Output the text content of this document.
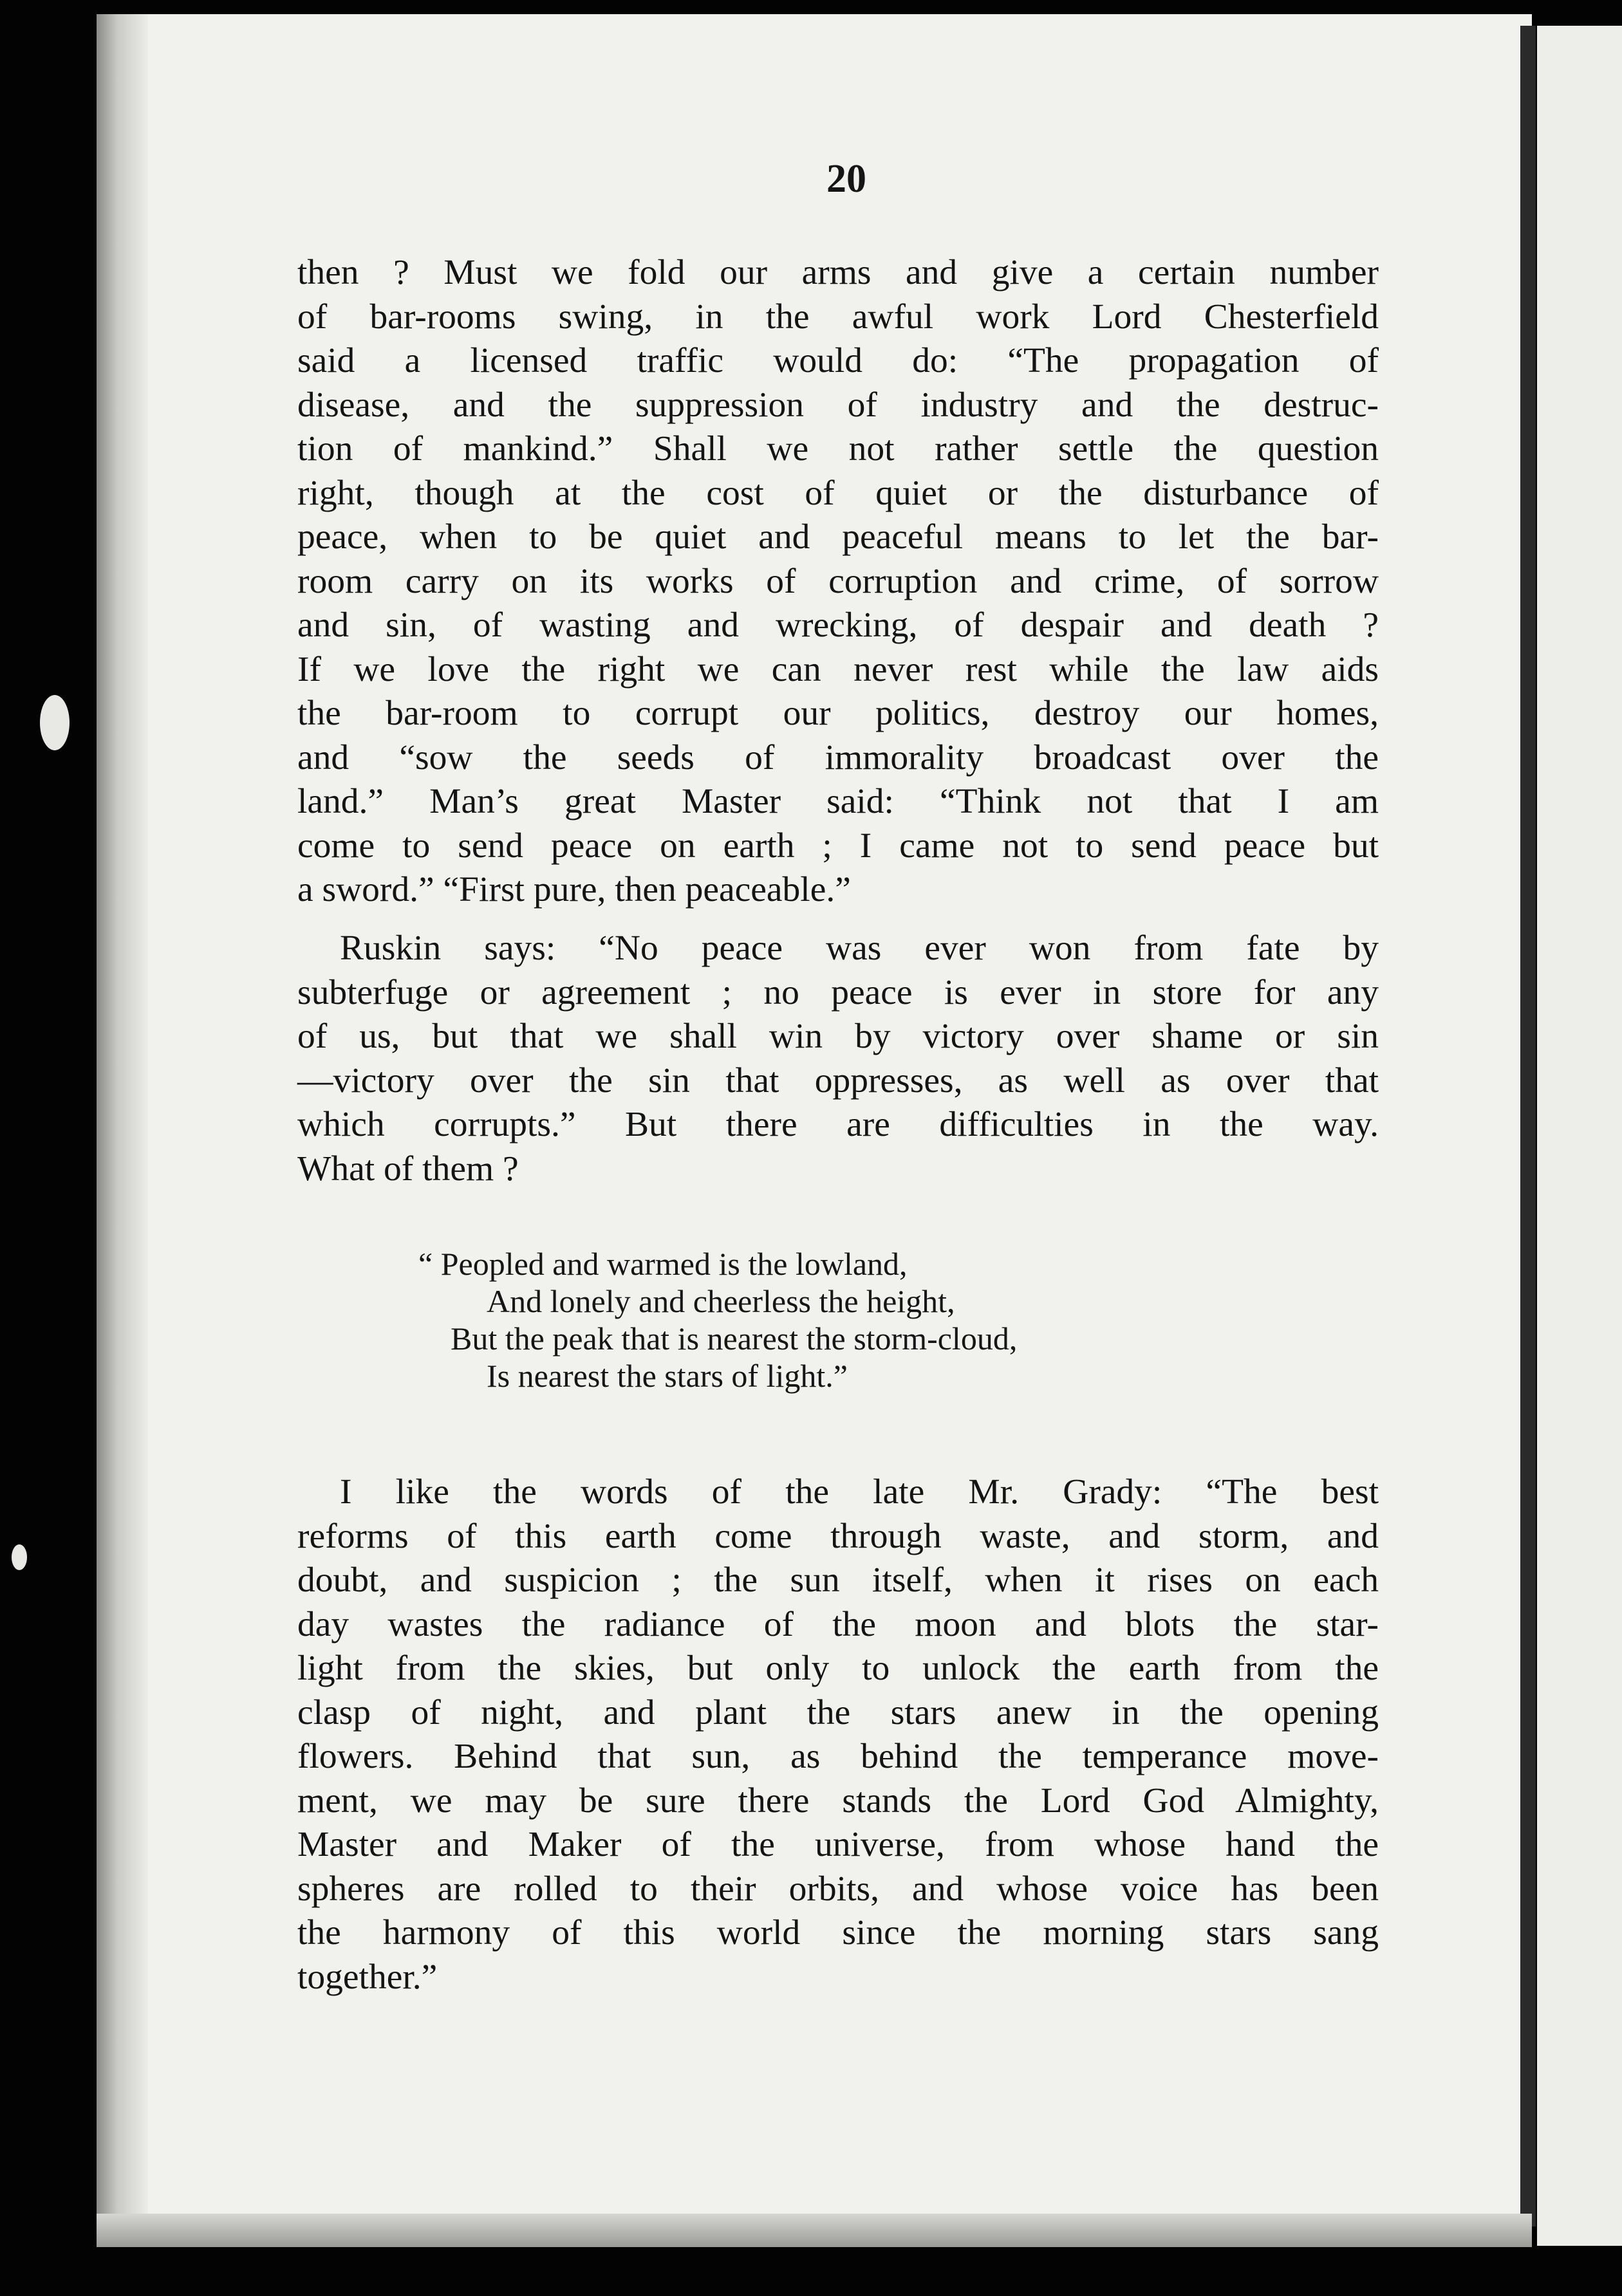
20
then ? Must we fold our arms and give a certain number
of bar-rooms swing, in the awful work Lord Chesterfield
said a licensed traffic would do: “The propagation of
disease, and the suppression of industry and the destruc-
tion of mankind.” Shall we not rather settle the question
right, though at the cost of quiet or the disturbance of
peace, when to be quiet and peaceful means to let the bar-
room carry on its works of corruption and crime, of sorrow
and sin, of wasting and wrecking, of despair and death ?
If we love the right we can never rest while the law aids
the bar-room to corrupt our politics, destroy our homes,
and “sow the seeds of immorality broadcast over the
land.” Man’s great Master said: “Think not that I am
come to send peace on earth ; I came not to send peace but
a sword.” “First pure, then peaceable.”
Ruskin says: “No peace was ever won from fate by
subterfuge or agreement ; no peace is ever in store for any
of us, but that we shall win by victory over shame or sin
—victory over the sin that oppresses, as well as over that
which corrupts.” But there are difficulties in the way.
What of them ?
“ Peopled and warmed is the lowland,
And lonely and cheerless the height,
But the peak that is nearest the storm-cloud,
Is nearest the stars of light.”
I like the words of the late Mr. Grady: “The best
reforms of this earth come through waste, and storm, and
doubt, and suspicion ; the sun itself, when it rises on each
day wastes the radiance of the moon and blots the star-
light from the skies, but only to unlock the earth from the
clasp of night, and plant the stars anew in the opening
flowers. Behind that sun, as behind the temperance move-
ment, we may be sure there stands the Lord God Almighty,
Master and Maker of the universe, from whose hand the
spheres are rolled to their orbits, and whose voice has been
the harmony of this world since the morning stars sang
together.”
